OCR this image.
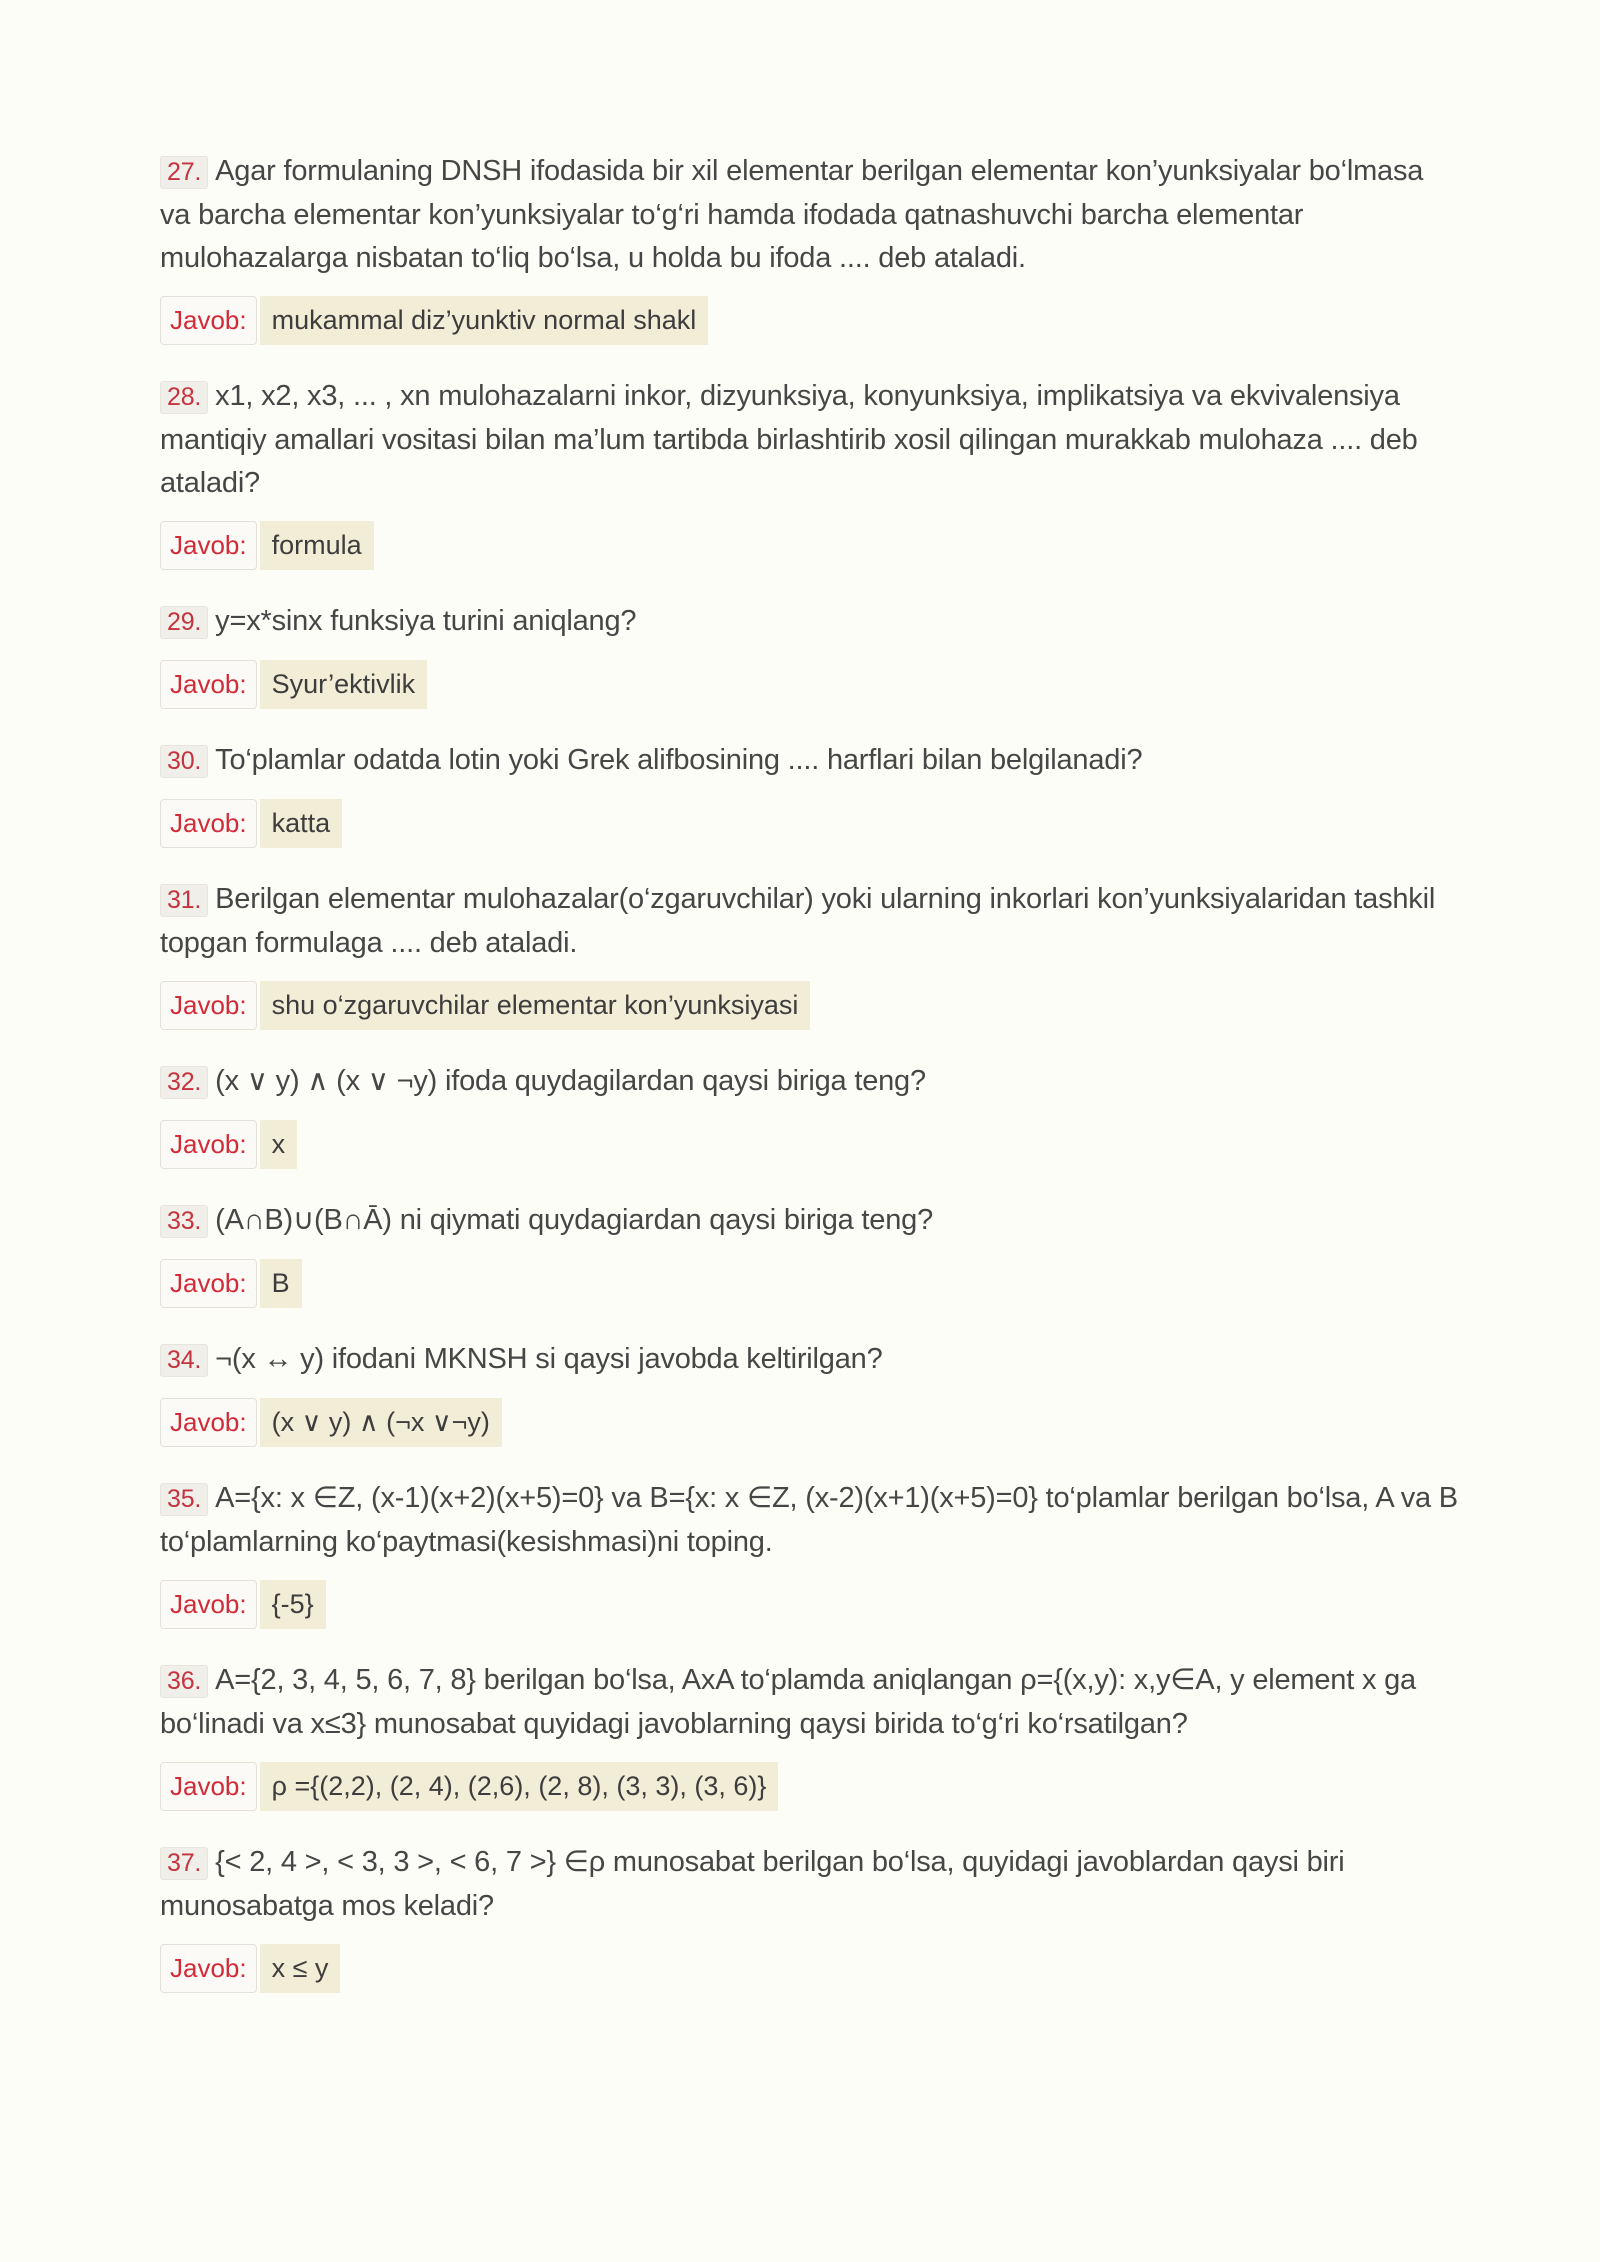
27. Agar formulaning DNSH ifodasida bir xil elementar berilgan elementar kon’yunksiyalar bo‘lmasa va barcha elementar kon’yunksiyalar to‘g‘ri hamda ifodada qatnashuvchi barcha elementar mulohazalarga nisbatan to‘liq bo‘lsa, u holda bu ifoda .... deb ataladi.

Javob: mukammal diz’yunktiv normal shakl

28. x1, x2, x3, ... , xn mulohazalarni inkor, dizyunksiya, konyunksiya, implikatsiya va ekvivalensiya mantiqiy amallari vositasi bilan ma’lum tartibda birlashtirib xosil qilingan murakkab mulohaza .... deb ataladi?

Javob: formula

29. y=x*sinx funksiya turini aniqlang?

Javob: Syur’ektivlik

30. To‘plamlar odatda lotin yoki Grek alifbosining .... harflari bilan belgilanadi?

Javob: katta

31. Berilgan elementar mulohazalar(o‘zgaruvchilar) yoki ularning inkorlari kon’yunksiyalaridan tashkil topgan formulaga .... deb ataladi.

Javob: shu o‘zgaruvchilar elementar kon’yunksiyasi

32. (x ∨ y) ∧ (x ∨ ¬y) ifoda quydagilardan qaysi biriga teng?

Javob: x

33. (A∩B)∪(B∩Ā) ni qiymati quydagiardan qaysi biriga teng?

Javob: B

34. ¬(x ↔ y) ifodani MKNSH si qaysi javobda keltirilgan?

Javob: (x ∨ y) ∧ (¬x ∨¬y)

35. A={x: x ∈Z, (x-1)(x+2)(x+5)=0} va B={x: x ∈Z, (x-2)(x+1)(x+5)=0} to‘plamlar berilgan bo‘lsa, A va B to‘plamlarning ko‘paytmasi(kesishmasi)ni toping.

Javob: {-5}

36. A={2, 3, 4, 5, 6, 7, 8} berilgan bo‘lsa, AxA to‘plamda aniqlangan ρ={(x,y): x,y∈A, y element x ga bo‘linadi va x≤3} munosabat quyidagi javoblarning qaysi birida to‘g‘ri ko‘rsatilgan?

Javob: ρ ={(2,2), (2, 4), (2,6), (2, 8), (3, 3), (3, 6)}

37. {< 2, 4 >, < 3, 3 >, < 6, 7 >} ∈ρ munosabat berilgan bo‘lsa, quyidagi javoblardan qaysi biri munosabatga mos keladi?

Javob: x ≤ y
